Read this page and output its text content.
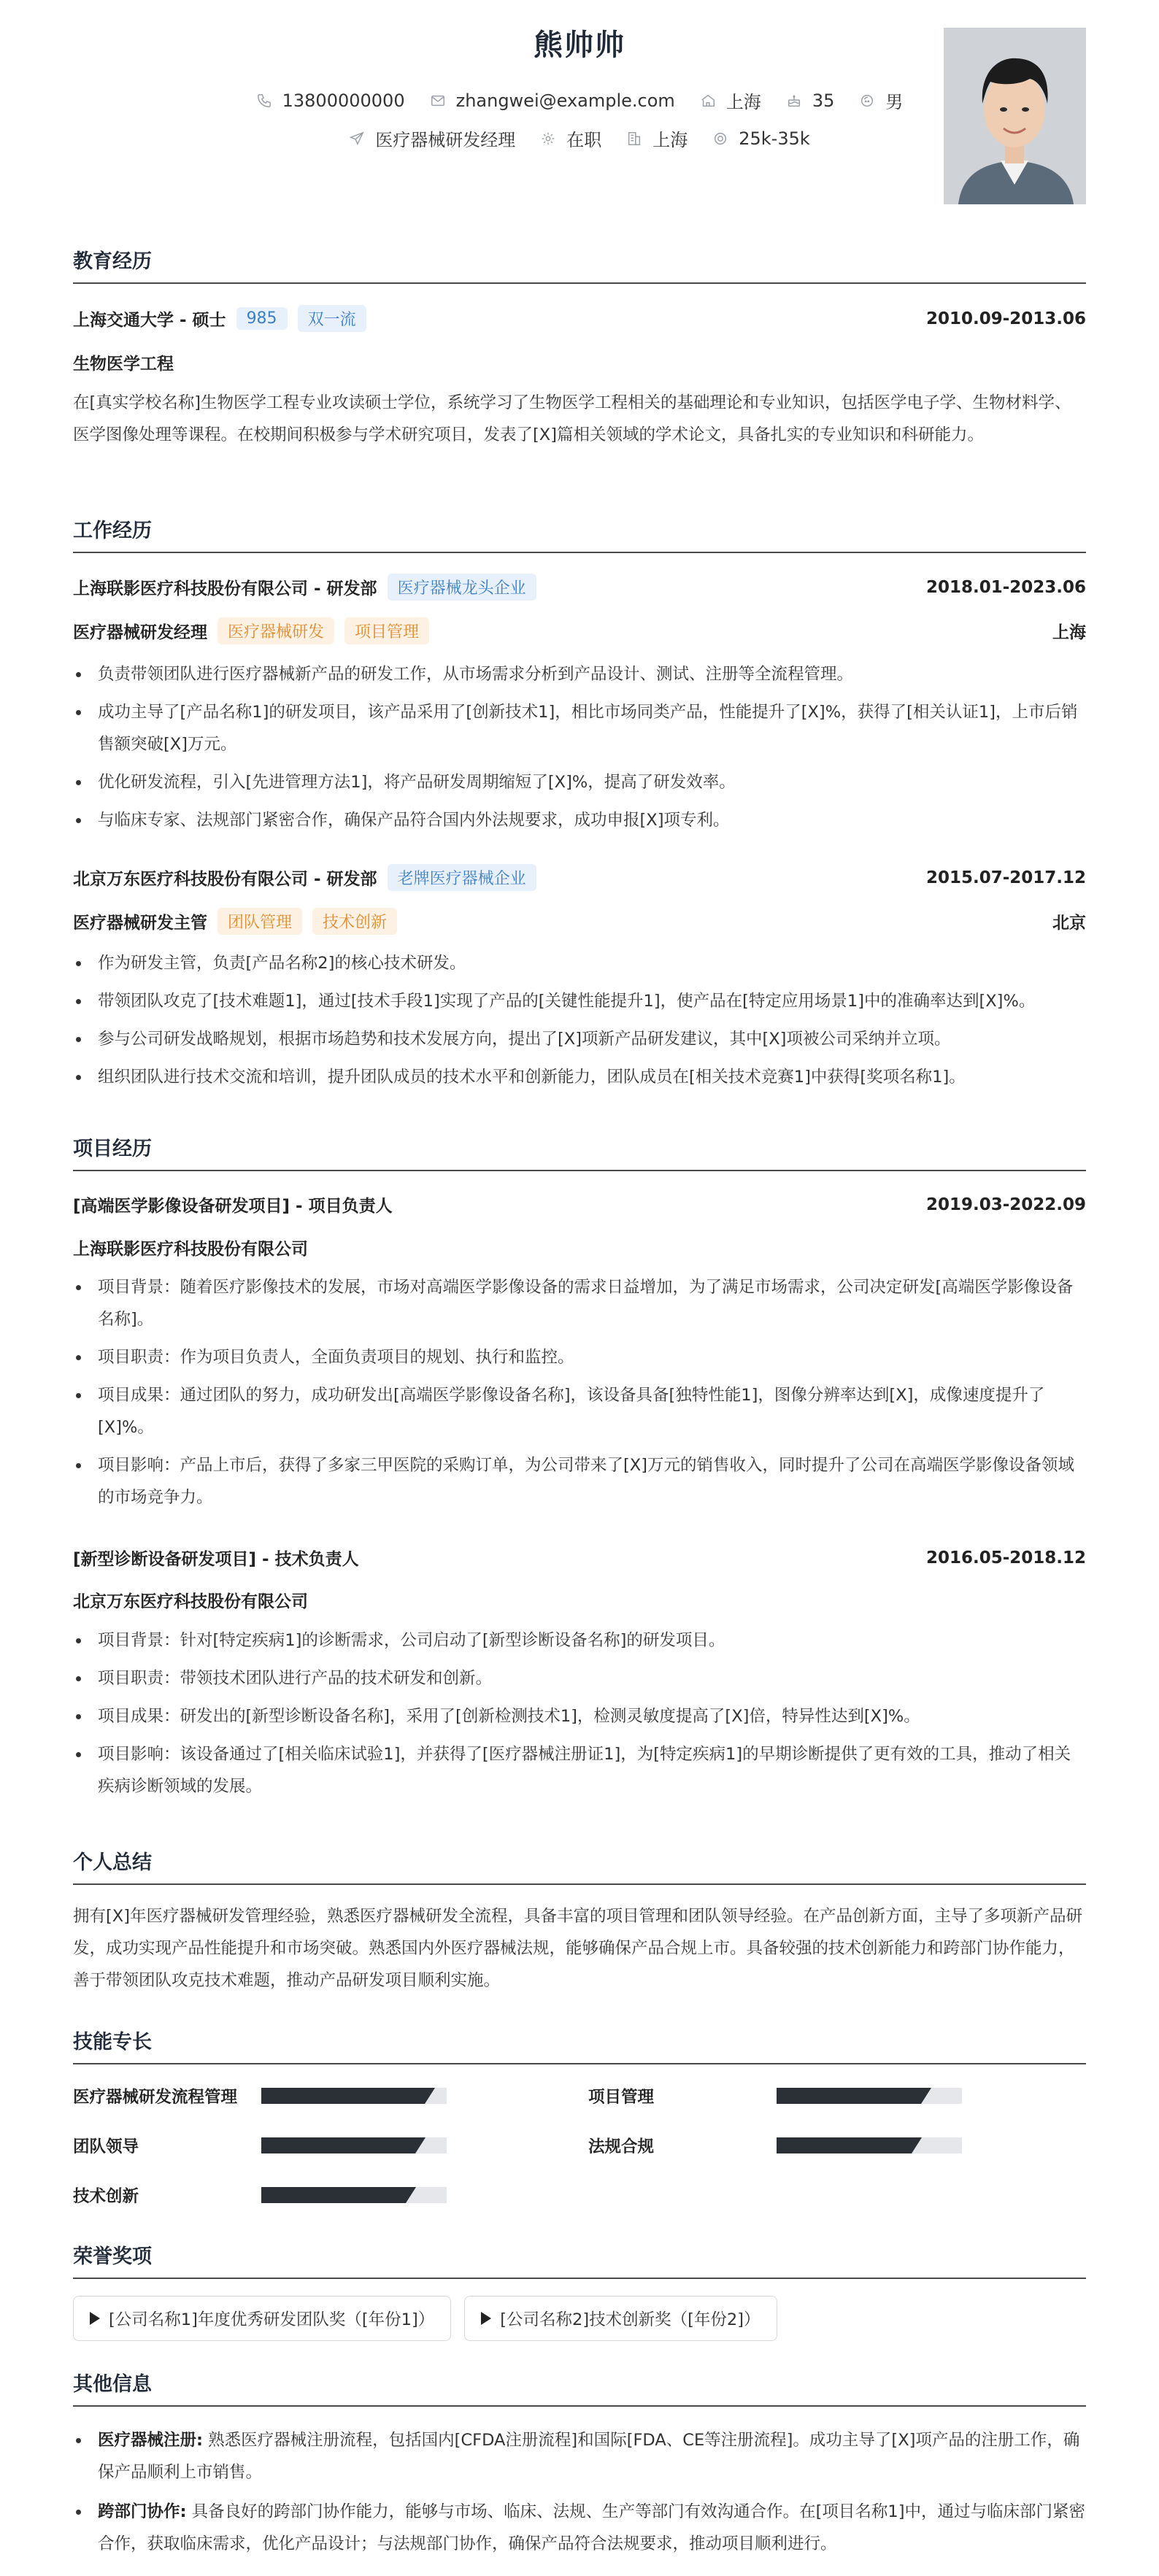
熊帅帅
13800000000	zhangwei@example.com	上海	35	男
医疗器械研发经理	在职	上海	25k-35k
教育经历
上海交通大学 - 硕士	985	双一流	2010.09-2013.06
生物医学工程
在[真实学校名称]生物医学工程专业攻读硕士学位，系统学习了生物医学工程相关的基础理论和专业知识，包括医学电子学、生物材料学、医学图像处理等课程。在校期间积极参与学术研究项目，发表了[X]篇相关领域的学术论文，具备扎实的专业知识和科研能力。
工作经历
上海联影医疗科技股份有限公司 - 研发部	医疗器械龙头企业	2018.01-2023.06
医疗器械研发经理	医疗器械研发	项目管理	上海
负责带领团队进行医疗器械新产品的研发工作，从市场需求分析到产品设计、测试、注册等全流程管理。
成功主导了[产品名称1]的研发项目，该产品采用了[创新技术1]，相比市场同类产品，性能提升了[X]%，获得了[相关认证1]，上市后销售额突破[X]万元。
优化研发流程，引入[先进管理方法1]，将产品研发周期缩短了[X]%，提高了研发效率。
与临床专家、法规部门紧密合作，确保产品符合国内外法规要求，成功申报[X]项专利。
北京万东医疗科技股份有限公司 - 研发部	老牌医疗器械企业	2015.07-2017.12
医疗器械研发主管	团队管理	技术创新	北京
作为研发主管，负责[产品名称2]的核心技术研发。
带领团队攻克了[技术难题1]，通过[技术手段1]实现了产品的[关键性能提升1]，使产品在[特定应用场景1]中的准确率达到[X]%。
参与公司研发战略规划，根据市场趋势和技术发展方向，提出了[X]项新产品研发建议，其中[X]项被公司采纳并立项。
组织团队进行技术交流和培训，提升团队成员的技术水平和创新能力，团队成员在[相关技术竞赛1]中获得[奖项名称1]。
项目经历
[高端医学影像设备研发项目] - 项目负责人	2019.03-2022.09
上海联影医疗科技股份有限公司
项目背景：随着医疗影像技术的发展，市场对高端医学影像设备的需求日益增加，为了满足市场需求，公司决定研发[高端医学影像设备名称]。
项目职责：作为项目负责人，全面负责项目的规划、执行和监控。
项目成果：通过团队的努力，成功研发出[高端医学影像设备名称]，该设备具备[独特性能1]，图像分辨率达到[X]，成像速度提升了[X]%。
项目影响：产品上市后，获得了多家三甲医院的采购订单，为公司带来了[X]万元的销售收入，同时提升了公司在高端医学影像设备领域的市场竞争力。
[新型诊断设备研发项目] - 技术负责人	2016.05-2018.12
北京万东医疗科技股份有限公司
项目背景：针对[特定疾病1]的诊断需求，公司启动了[新型诊断设备名称]的研发项目。
项目职责：带领技术团队进行产品的技术研发和创新。
项目成果：研发出的[新型诊断设备名称]，采用了[创新检测技术1]，检测灵敏度提高了[X]倍，特异性达到[X]%。
项目影响：该设备通过了[相关临床试验1]，并获得了[医疗器械注册证1]，为[特定疾病1]的早期诊断提供了更有效的工具，推动了相关疾病诊断领域的发展。
个人总结
拥有[X]年医疗器械研发管理经验，熟悉医疗器械研发全流程，具备丰富的项目管理和团队领导经验。在产品创新方面，主导了多项新产品研发，成功实现产品性能提升和市场突破。熟悉国内外医疗器械法规，能够确保产品合规上市。具备较强的技术创新能力和跨部门协作能力，善于带领团队攻克技术难题，推动产品研发项目顺利实施。
技能专长
医疗器械研发流程管理	项目管理
团队领导	法规合规
技术创新
荣誉奖项
[公司名称1]年度优秀研发团队奖（[年份1]）	[公司名称2]技术创新奖（[年份2]）
其他信息
医疗器械注册: 熟悉医疗器械注册流程，包括国内[CFDA注册流程]和国际[FDA、CE等注册流程]。成功主导了[X]项产品的注册工作，确保产品顺利上市销售。
跨部门协作: 具备良好的跨部门协作能力，能够与市场、临床、法规、生产等部门有效沟通合作。在[项目名称1]中，通过与临床部门紧密合作，获取临床需求，优化产品设计；与法规部门协作，确保产品符合法规要求，推动项目顺利进行。
